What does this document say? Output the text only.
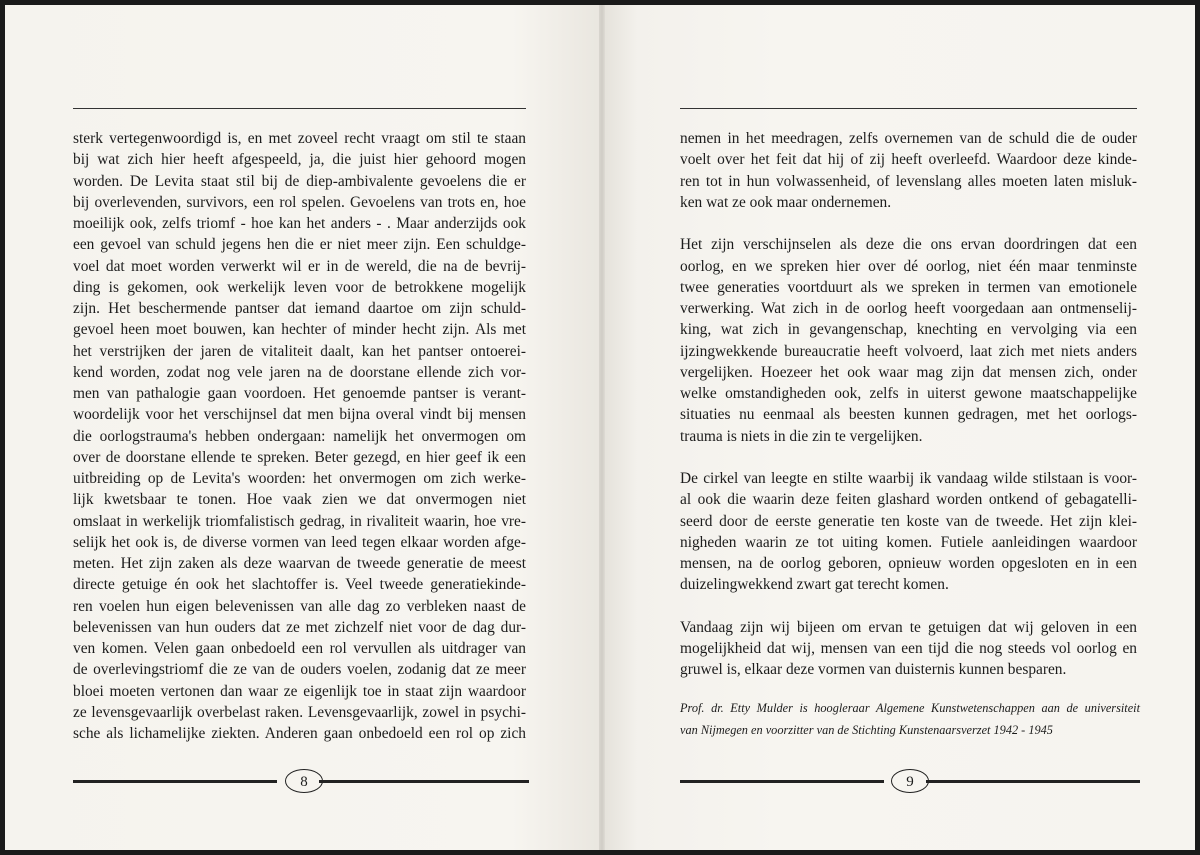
sterk vertegenwoordigd is, en met zoveel recht vraagt om stil te staan
bij wat zich hier heeft afgespeeld, ja, die juist hier gehoord mogen
worden. De Levita staat stil bij de diep-ambivalente gevoelens die er
bij overlevenden, survivors, een rol spelen. Gevoelens van trots en, hoe
moeilijk ook, zelfs triomf - hoe kan het anders - . Maar anderzijds ook
een gevoel van schuld jegens hen die er niet meer zijn. Een schuldge-
voel dat moet worden verwerkt wil er in de wereld, die na de bevrij-
ding is gekomen, ook werkelijk leven voor de betrokkene mogelijk
zijn. Het beschermende pantser dat iemand daartoe om zijn schuld-
gevoel heen moet bouwen, kan hechter of minder hecht zijn. Als met
het verstrijken der jaren de vitaliteit daalt, kan het pantser ontoerei-
kend worden, zodat nog vele jaren na de doorstane ellende zich vor-
men van pathalogie gaan voordoen. Het genoemde pantser is verant-
woordelijk voor het verschijnsel dat men bijna overal vindt bij mensen
die oorlogstrauma's hebben ondergaan: namelijk het onvermogen om
over de doorstane ellende te spreken. Beter gezegd, en hier geef ik een
uitbreiding op de Levita's woorden: het onvermogen om zich werke-
lijk kwetsbaar te tonen. Hoe vaak zien we dat onvermogen niet
omslaat in werkelijk triomfalistisch gedrag, in rivaliteit waarin, hoe vre-
selijk het ook is, de diverse vormen van leed tegen elkaar worden afge-
meten. Het zijn zaken als deze waarvan de tweede generatie de meest
directe getuige én ook het slachtoffer is. Veel tweede generatiekinde-
ren voelen hun eigen belevenissen van alle dag zo verbleken naast de
belevenissen van hun ouders dat ze met zichzelf niet voor de dag dur-
ven komen. Velen gaan onbedoeld een rol vervullen als uitdrager van
de overlevingstriomf die ze van de ouders voelen, zodanig dat ze meer
bloei moeten vertonen dan waar ze eigenlijk toe in staat zijn waardoor
ze levensgevaarlijk overbelast raken. Levensgevaarlijk, zowel in psychi-
sche als lichamelijke ziekten. Anderen gaan onbedoeld een rol op zich
8
nemen in het meedragen, zelfs overnemen van de schuld die de ouder
voelt over het feit dat hij of zij heeft overleefd. Waardoor deze kinde-
ren tot in hun volwassenheid, of levenslang alles moeten laten misluk-
ken wat ze ook maar ondernemen.
Het zijn verschijnselen als deze die ons ervan doordringen dat een
oorlog, en we spreken hier over dé oorlog, niet één maar tenminste
twee generaties voortduurt als we spreken in termen van emotionele
verwerking. Wat zich in de oorlog heeft voorgedaan aan ontmenselij-
king, wat zich in gevangenschap, knechting en vervolging via een
ijzingwekkende bureaucratie heeft volvoerd, laat zich met niets anders
vergelijken. Hoezeer het ook waar mag zijn dat mensen zich, onder
welke omstandigheden ook, zelfs in uiterst gewone maatschappelijke
situaties nu eenmaal als beesten kunnen gedragen, met het oorlogs-
trauma is niets in die zin te vergelijken.
De cirkel van leegte en stilte waarbij ik vandaag wilde stilstaan is voor-
al ook die waarin deze feiten glashard worden ontkend of gebagatelli-
seerd door de eerste generatie ten koste van de tweede. Het zijn klei-
nigheden waarin ze tot uiting komen. Futiele aanleidingen waardoor
mensen, na de oorlog geboren, opnieuw worden opgesloten en in een
duizelingwekkend zwart gat terecht komen.
Vandaag zijn wij bijeen om ervan te getuigen dat wij geloven in een
mogelijkheid dat wij, mensen van een tijd die nog steeds vol oorlog en
gruwel is, elkaar deze vormen van duisternis kunnen besparen.
Prof. dr. Etty Mulder is hoogleraar Algemene Kunstwetenschappen aan de universiteit
van Nijmegen en voorzitter van de Stichting Kunstenaarsverzet 1942 - 1945
9
